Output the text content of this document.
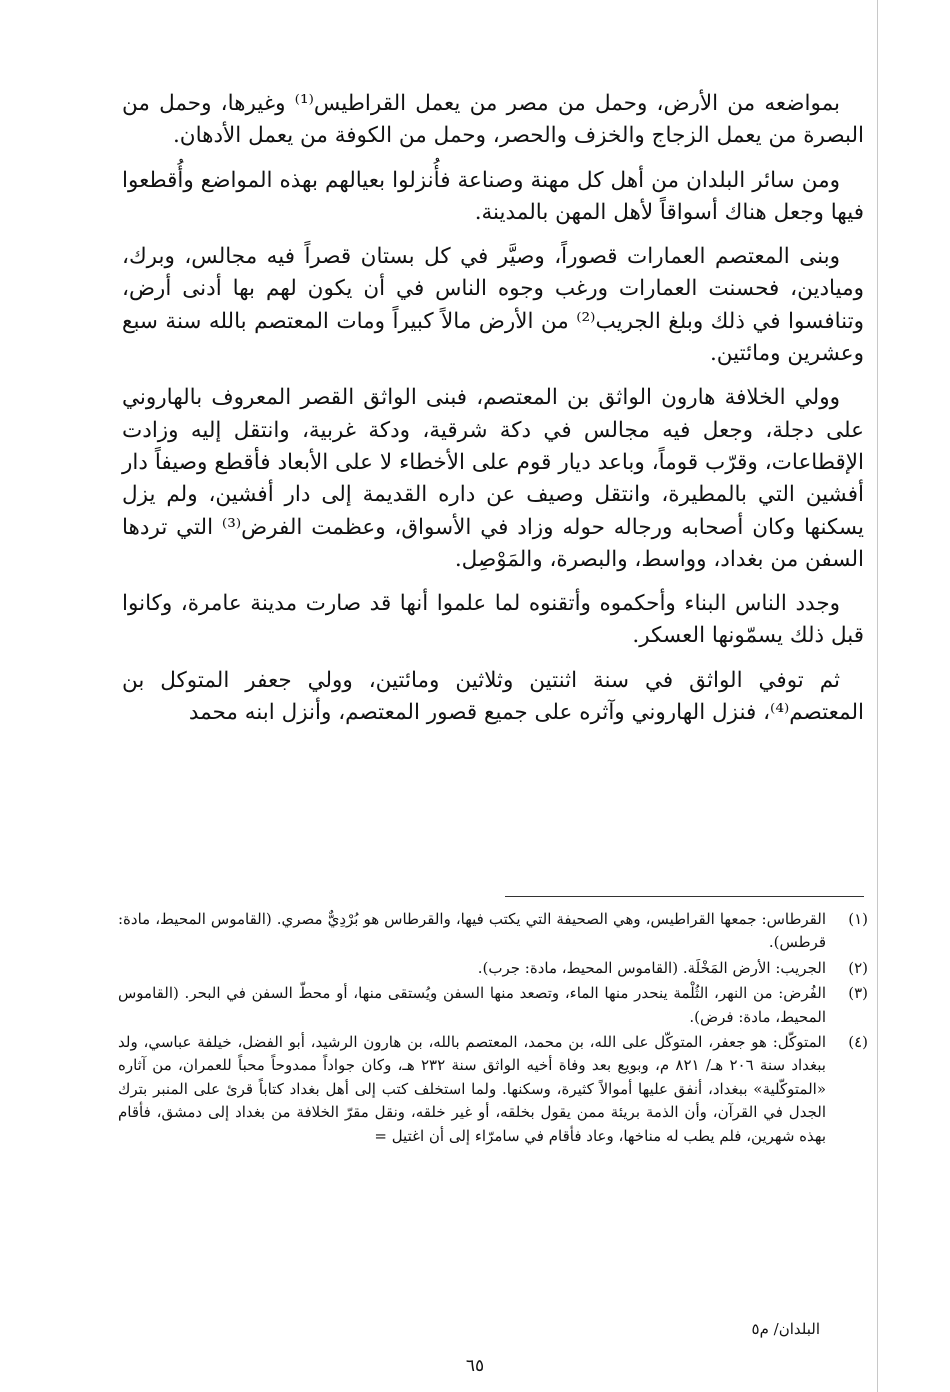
بمواضعه من الأرض، وحمل من مصر من يعمل القراطيس⁽¹⁾ وغيرها، وحمل من البصرة من يعمل الزجاج والخزف والحصر، وحمل من الكوفة من يعمل الأدهان.

ومن سائر البلدان من أهل كل مهنة وصناعة فأُنزلوا بعيالهم بهذه المواضع وأُقطعوا فيها وجعل هناك أسواقاً لأهل المهن بالمدينة.

وبنى المعتصم العمارات قصوراً، وصيَّر في كل بستان قصراً فيه مجالس، وبرك، وميادين، فحسنت العمارات ورغب وجوه الناس في أن يكون لهم بها أدنى أرض، وتنافسوا في ذلك وبلغ الجريب⁽²⁾ من الأرض مالاً كبيراً ومات المعتصم بالله سنة سبع وعشرين ومائتين.

وولي الخلافة هارون الواثق بن المعتصم، فبنى الواثق القصر المعروف بالهاروني على دجلة، وجعل فيه مجالس في دكة شرقية، ودكة غربية، وانتقل إليه وزادت الإقطاعات، وقرّب قوماً، وباعد ديار قوم على الأخطاء لا على الأبعاد فأقطع وصيفاً دار أفشين التي بالمطيرة، وانتقل وصيف عن داره القديمة إلى دار أفشين، ولم يزل يسكنها وكان أصحابه ورجاله حوله وزاد في الأسواق، وعظمت الفرض⁽³⁾ التي تردها السفن من بغداد، وواسط، والبصرة، والمَوْصِل.

وجدد الناس البناء وأحكموه وأتقنوه لما علموا أنها قد صارت مدينة عامرة، وكانوا قبل ذلك يسمّونها العسكر.

ثم توفي الواثق في سنة اثنتين وثلاثين ومائتين، وولي جعفر المتوكل بن المعتصم⁽⁴⁾، فنزل الهاروني وآثره على جميع قصور المعتصم، وأنزل ابنه محمد

(١)
القرطاس: جمعها القراطيس، وهي الصحيفة التي يكتب فيها، والقرطاس هو بُرْدِيٌّ مصري. (القاموس المحيط، مادة: قرطس).
(٢)
الجريب: الأرض المَخْلَة. (القاموس المحيط، مادة: جرب).
(٣)
الفُرض: من النهر، الثُلْمة ينحدر منها الماء، وتصعد منها السفن ويُستقى منها، أو محطّ السفن في البحر. (القاموس المحيط، مادة: فرض).
(٤)
المتوكّل: هو جعفر، المتوكّل على الله، بن محمد، المعتصم بالله، بن هارون الرشيد، أبو الفضل، خيلفة عباسي، ولد ببغداد سنة ٢٠٦ هـ/ ٨٢١ م، وبويع بعد وفاة أخيه الواثق سنة ٢٣٢ هـ، وكان جواداً ممدوحاً محباً للعمران، من آثاره «المتوكّلية» ببغداد، أنفق عليها أموالاً كثيرة، وسكنها. ولما استخلف كتب إلى أهل بغداد كتاباً قرئ على المنبر بترك الجدل في القرآن، وأن الذمة بريئة ممن يقول بخلقه، أو غير خلقه، ونقل مقرّ الخلافة من بغداد إلى دمشق، فأقام بهذه شهرين، فلم يطب له مناخها، وعاد فأقام في سامرّاء إلى أن اغتيل =
البلدان/ م٥
٦٥
